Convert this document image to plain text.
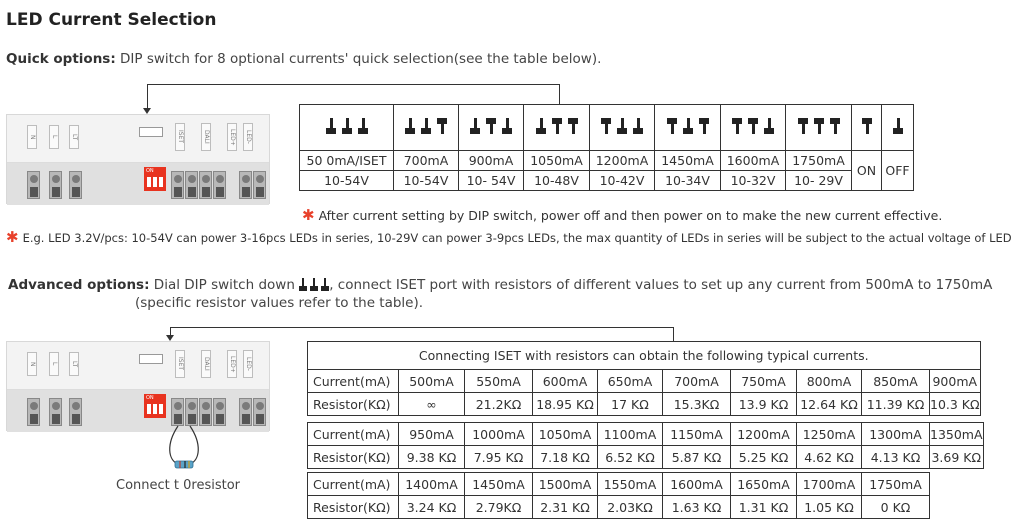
LED Current Selection
Quick options: DIP switch for 8 optional currents' quick selection(see the table below).
N	L	LT	ISET	DALI	LED+	LED-
ON

50 0mA/ISET	700mA	900mA	1050mA	1200mA	1450mA	1600mA	1750mA	ON	OFF
10-54V	10-54V	10- 54V	10-48V	10-42V	10-34V	10-32V	10- 29V		
✱ After current setting by DIP switch, power off and then power on to make the new current effective.
✱ E.g. LED 3.2V/pcs: 10-54V can power 3-16pcs LEDs in series, 10-29V can power 3-9pcs LEDs, the max quantity of LEDs in series will be subject to the actual voltage of LED
Advanced options: Dial DIP switch down	, connect ISET port with resistors of different values to set up any current from 500mA to 1750mA
(specific resistor values refer to the table).
N	L	LT	ISET	DALI	LED+	LED-
ON
Connect t 0resistor
Connecting ISET with resistors can obtain the following typical currents.									
Current(mA)	500mA	550mA	600mA	650mA	700mA	750mA	800mA	850mA	900mA
Resistor(KΩ)	∞	21.2KΩ	18.95 KΩ	17 KΩ	15.3KΩ	13.9 KΩ	12.64 KΩ	11.39 KΩ	10.3 KΩ
Current(mA)	950mA	1000mA	1050mA	1100mA	1150mA	1200mA	1250mA	1300mA	1350mA
Resistor(KΩ)	9.38 KΩ	7.95 KΩ	7.18 KΩ	6.52 KΩ	5.87 KΩ	5.25 KΩ	4.62 KΩ	4.13 KΩ	3.69 KΩ
Current(mA)	1400mA	1450mA	1500mA	1550mA	1600mA	1650mA	1700mA	1750mA
Resistor(KΩ)	3.24 KΩ	2.79KΩ	2.31 KΩ	2.03KΩ	1.63 KΩ	1.31 KΩ	1.05 KΩ	0 KΩ
